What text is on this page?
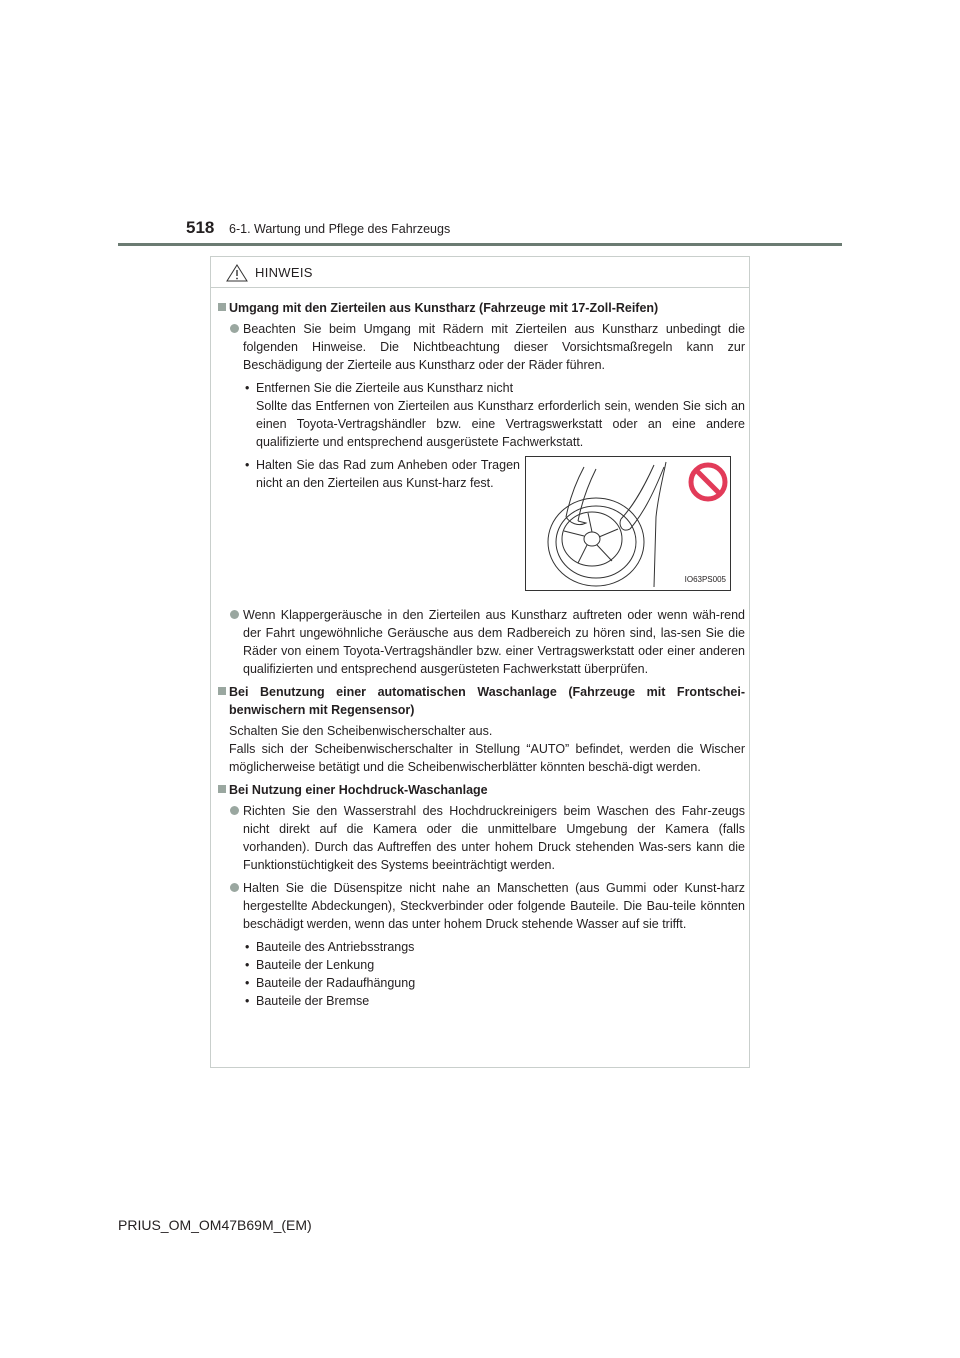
518 6-1. Wartung und Pflege des Fahrzeugs
HINWEIS
Umgang mit den Zierteilen aus Kunstharz (Fahrzeuge mit 17-Zoll-Reifen)
Beachten Sie beim Umgang mit Rädern mit Zierteilen aus Kunstharz unbedingt die folgenden Hinweise. Die Nichtbeachtung dieser Vorsichtsmaßregeln kann zur Beschädigung der Zierteile aus Kunstharz oder der Räder führen.
• Entfernen Sie die Zierteile aus Kunstharz nicht
Sollte das Entfernen von Zierteilen aus Kunstharz erforderlich sein, wenden Sie sich an einen Toyota-Vertragshändler bzw. eine Vertragswerkstatt oder an eine andere qualifizierte und entsprechend ausgerüstete Fachwerkstatt.
• Halten Sie das Rad zum Anheben oder Tragen nicht an den Zierteilen aus Kunst-harz fest.
IO63PS005
Wenn Klappergeräusche in den Zierteilen aus Kunstharz auftreten oder wenn wäh-rend der Fahrt ungewöhnliche Geräusche aus dem Radbereich zu hören sind, las-sen Sie die Räder von einem Toyota-Vertragshändler bzw. einer Vertragswerkstatt oder einer anderen qualifizierten und entsprechend ausgerüsteten Fachwerkstatt überprüfen.
Bei Benutzung einer automatischen Waschanlage (Fahrzeuge mit Frontschei-benwischern mit Regensensor)
Schalten Sie den Scheibenwischerschalter aus.
Falls sich der Scheibenwischerschalter in Stellung “AUTO” befindet, werden die Wischer möglicherweise betätigt und die Scheibenwischerblätter könnten beschä-digt werden.
Bei Nutzung einer Hochdruck-Waschanlage
Richten Sie den Wasserstrahl des Hochdruckreinigers beim Waschen des Fahr-zeugs nicht direkt auf die Kamera oder die unmittelbare Umgebung der Kamera (falls vorhanden). Durch das Auftreffen des unter hohem Druck stehenden Was-sers kann die Funktionstüchtigkeit des Systems beeinträchtigt werden.
Halten Sie die Düsenspitze nicht nahe an Manschetten (aus Gummi oder Kunst-harz hergestellte Abdeckungen), Steckverbinder oder folgende Bauteile. Die Bau-teile könnten beschädigt werden, wenn das unter hohem Druck stehende Wasser auf sie trifft.
• Bauteile des Antriebsstrangs
• Bauteile der Lenkung
• Bauteile der Radaufhängung
• Bauteile der Bremse
PRIUS_OM_OM47B69M_(EM)
